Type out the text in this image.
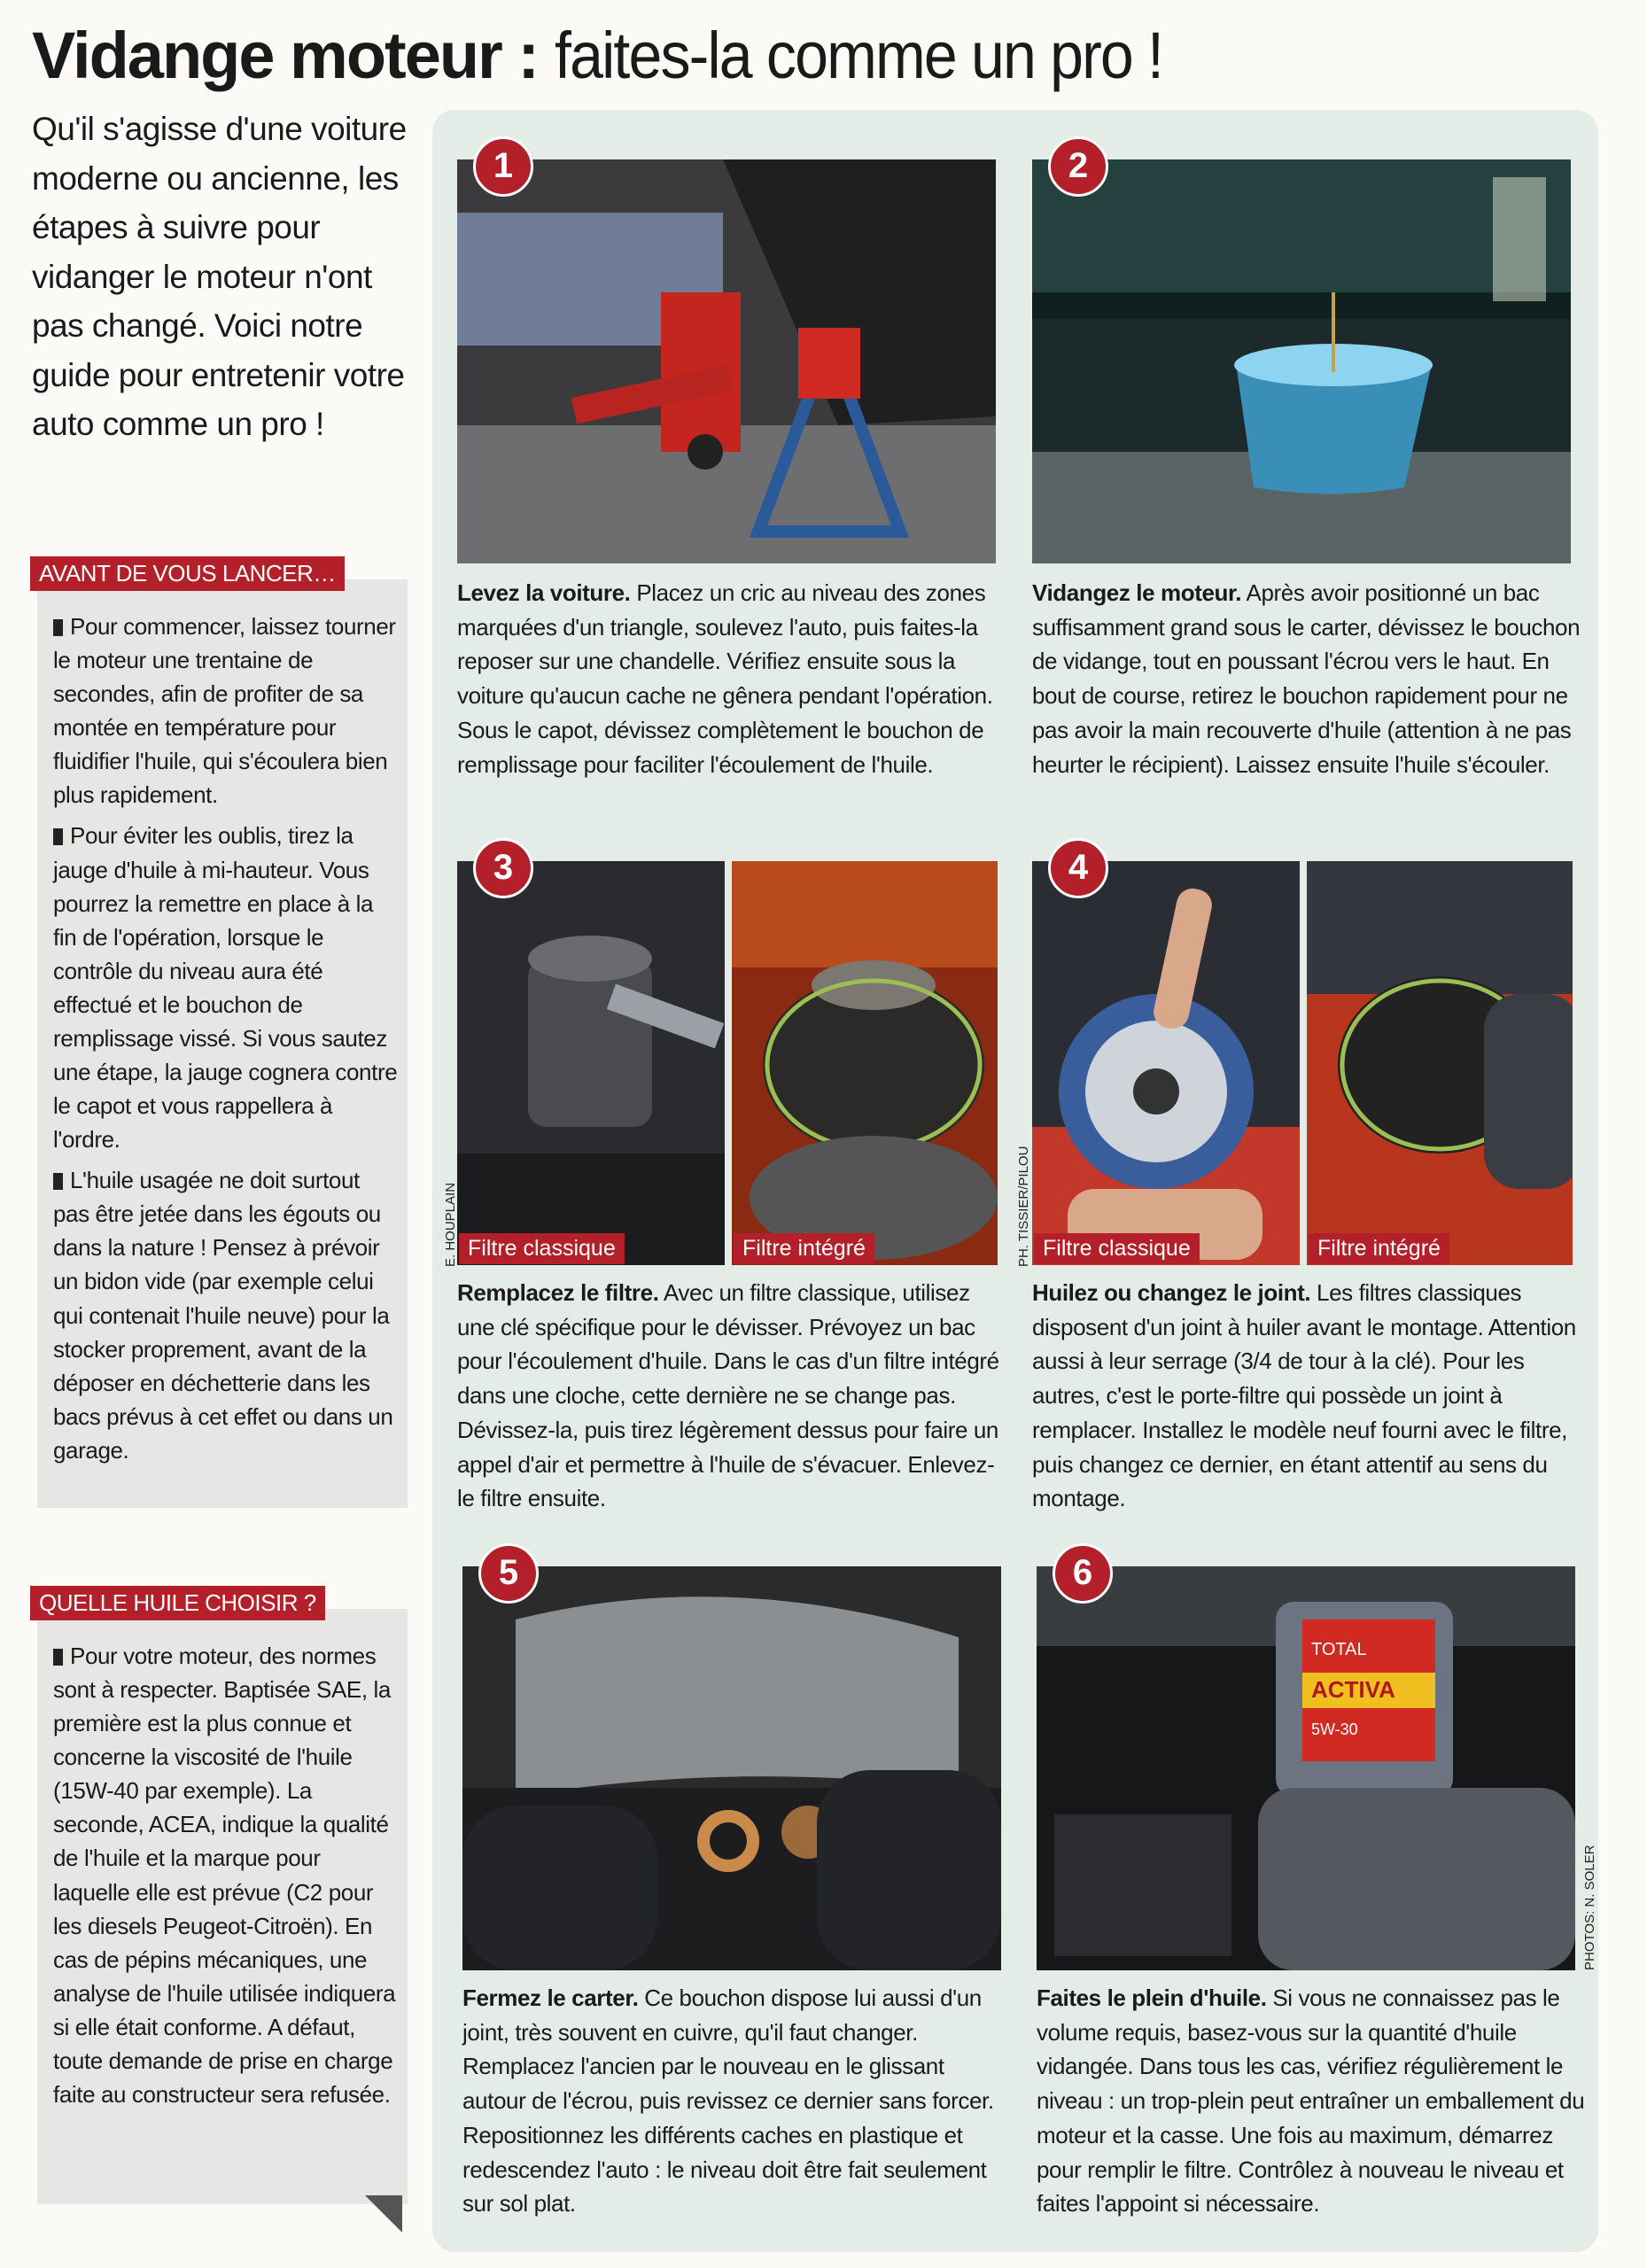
Vidange moteur : faites-la comme un pro !
Qu'il s'agisse d'une voiture moderne ou ancienne, les étapes à suivre pour vidanger le moteur n'ont pas changé. Voici notre guide pour entretenir votre auto comme un pro !
AVANT DE VOUS LANCER…

Pour commencer, laissez tourner le moteur une trentaine de secondes, afin de profiter de sa montée en température pour fluidifier l'huile, qui s'écoulera bien plus rapidement.

Pour éviter les oublis, tirez la jauge d'huile à mi-hauteur. Vous pourrez la remettre en place à la fin de l'opération, lorsque le contrôle du niveau aura été effectué et le bouchon de remplissage vissé. Si vous sautez une étape, la jauge cognera contre le capot et vous rappellera à l'ordre.

L'huile usagée ne doit surtout pas être jetée dans les égouts ou dans la nature ! Pensez à prévoir un bidon vide (par exemple celui qui contenait l'huile neuve) pour la stocker proprement, avant de la déposer en déchetterie dans les bacs prévus à cet effet ou dans un garage.

QUELLE HUILE CHOISIR ?

Pour votre moteur, des normes sont à respecter. Baptisée SAE, la première est la plus connue et concerne la viscosité de l'huile (15W-40 par exemple). La seconde, ACEA, indique la qualité de l'huile et la marque pour laquelle elle est prévue (C2 pour les diesels Peugeot-Citroën). En cas de pépins mécaniques, une analyse de l'huile utilisée indiquera si elle était conforme. A défaut, toute demande de prise en charge faite au constructeur sera refusée.

1	2
Levez la voiture. Placez un cric au niveau des zones marquées d'un triangle, soulevez l'auto, puis faites-la reposer sur une chandelle. Vérifiez ensuite sous la voiture qu'aucun cache ne gênera pendant l'opération. Sous le capot, dévissez complètement le bouchon de remplissage pour faciliter l'écoulement de l'huile.
Vidangez le moteur. Après avoir positionné un bac suffisamment grand sous le carter, dévissez le bouchon de vidange, tout en poussant l'écrou vers le haut. En bout de course, retirez le bouchon rapidement pour ne pas avoir la main recouverte d'huile (attention à ne pas heurter le récipient). Laissez ensuite l'huile s'écouler.
Filtre classique	Filtre intégré
3
E. HOUPLAIN	Filtre classique	Filtre intégré
4
PH. TISSIER/PILOU
Remplacez le filtre. Avec un filtre classique, utilisez une clé spécifique pour le dévisser. Prévoyez un bac pour l'écoulement d'huile. Dans le cas d'un filtre intégré dans une cloche, cette dernière ne se change pas. Dévissez-la, puis tirez légèrement dessus pour faire un appel d'air et permettre à l'huile de s'évacuer. Enlevez-le filtre ensuite.
Huilez ou changez le joint. Les filtres classiques disposent d'un joint à huiler avant le montage. Attention aussi à leur serrage (3/4 de tour à la clé). Pour les autres, c'est le porte-filtre qui possède un joint à remplacer. Installez le modèle neuf fourni avec le filtre, puis changez ce dernier, en étant attentif au sens du montage.
5
TOTAL
ACTIVA
5W-30
6
PHOTOS: N. SOLER
Fermez le carter. Ce bouchon dispose lui aussi d'un joint, très souvent en cuivre, qu'il faut changer. Remplacez l'ancien par le nouveau en le glissant autour de l'écrou, puis revissez ce dernier sans forcer. Repositionnez les différents caches en plastique et redescendez l'auto : le niveau doit être fait seulement sur sol plat.
Faites le plein d'huile. Si vous ne connaissez pas le volume requis, basez-vous sur la quantité d'huile vidangée. Dans tous les cas, vérifiez régulièrement le niveau : un trop-plein peut entraîner un emballement du moteur et la casse. Une fois au maximum, démarrez pour remplir le filtre. Contrôlez à nouveau le niveau et faites l'appoint si nécessaire.
